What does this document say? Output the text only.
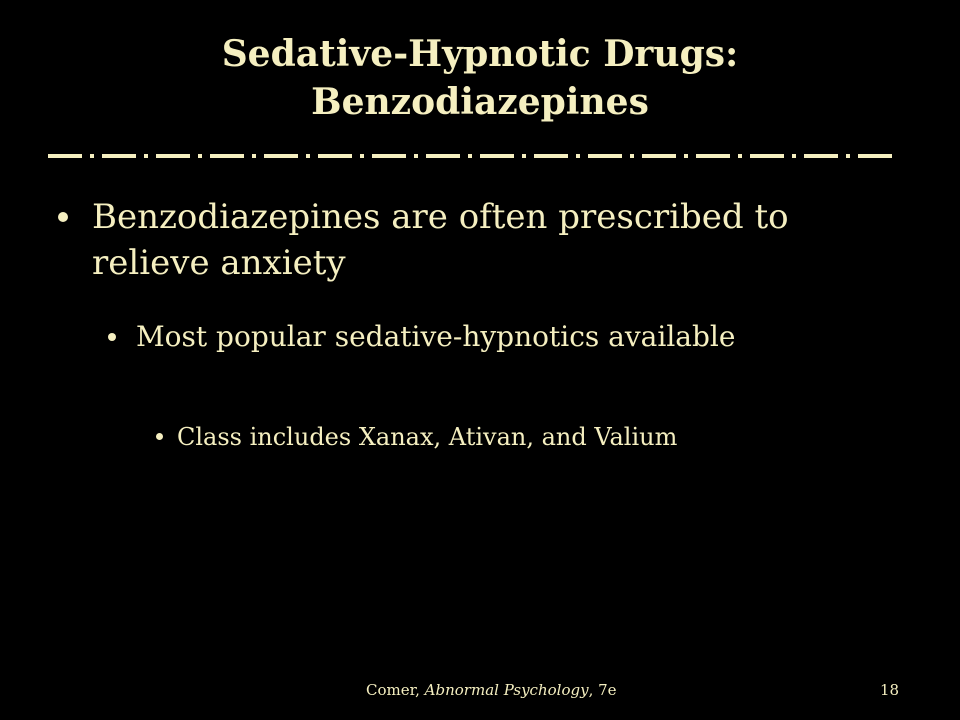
Sedative-Hypnotic Drugs:
Benzodiazepines
Benzodiazepines are often prescribed to relieve anxiety
Most popular sedative-hypnotics available
Class includes Xanax, Ativan, and Valium
Comer, Abnormal Psychology, 7e	18
